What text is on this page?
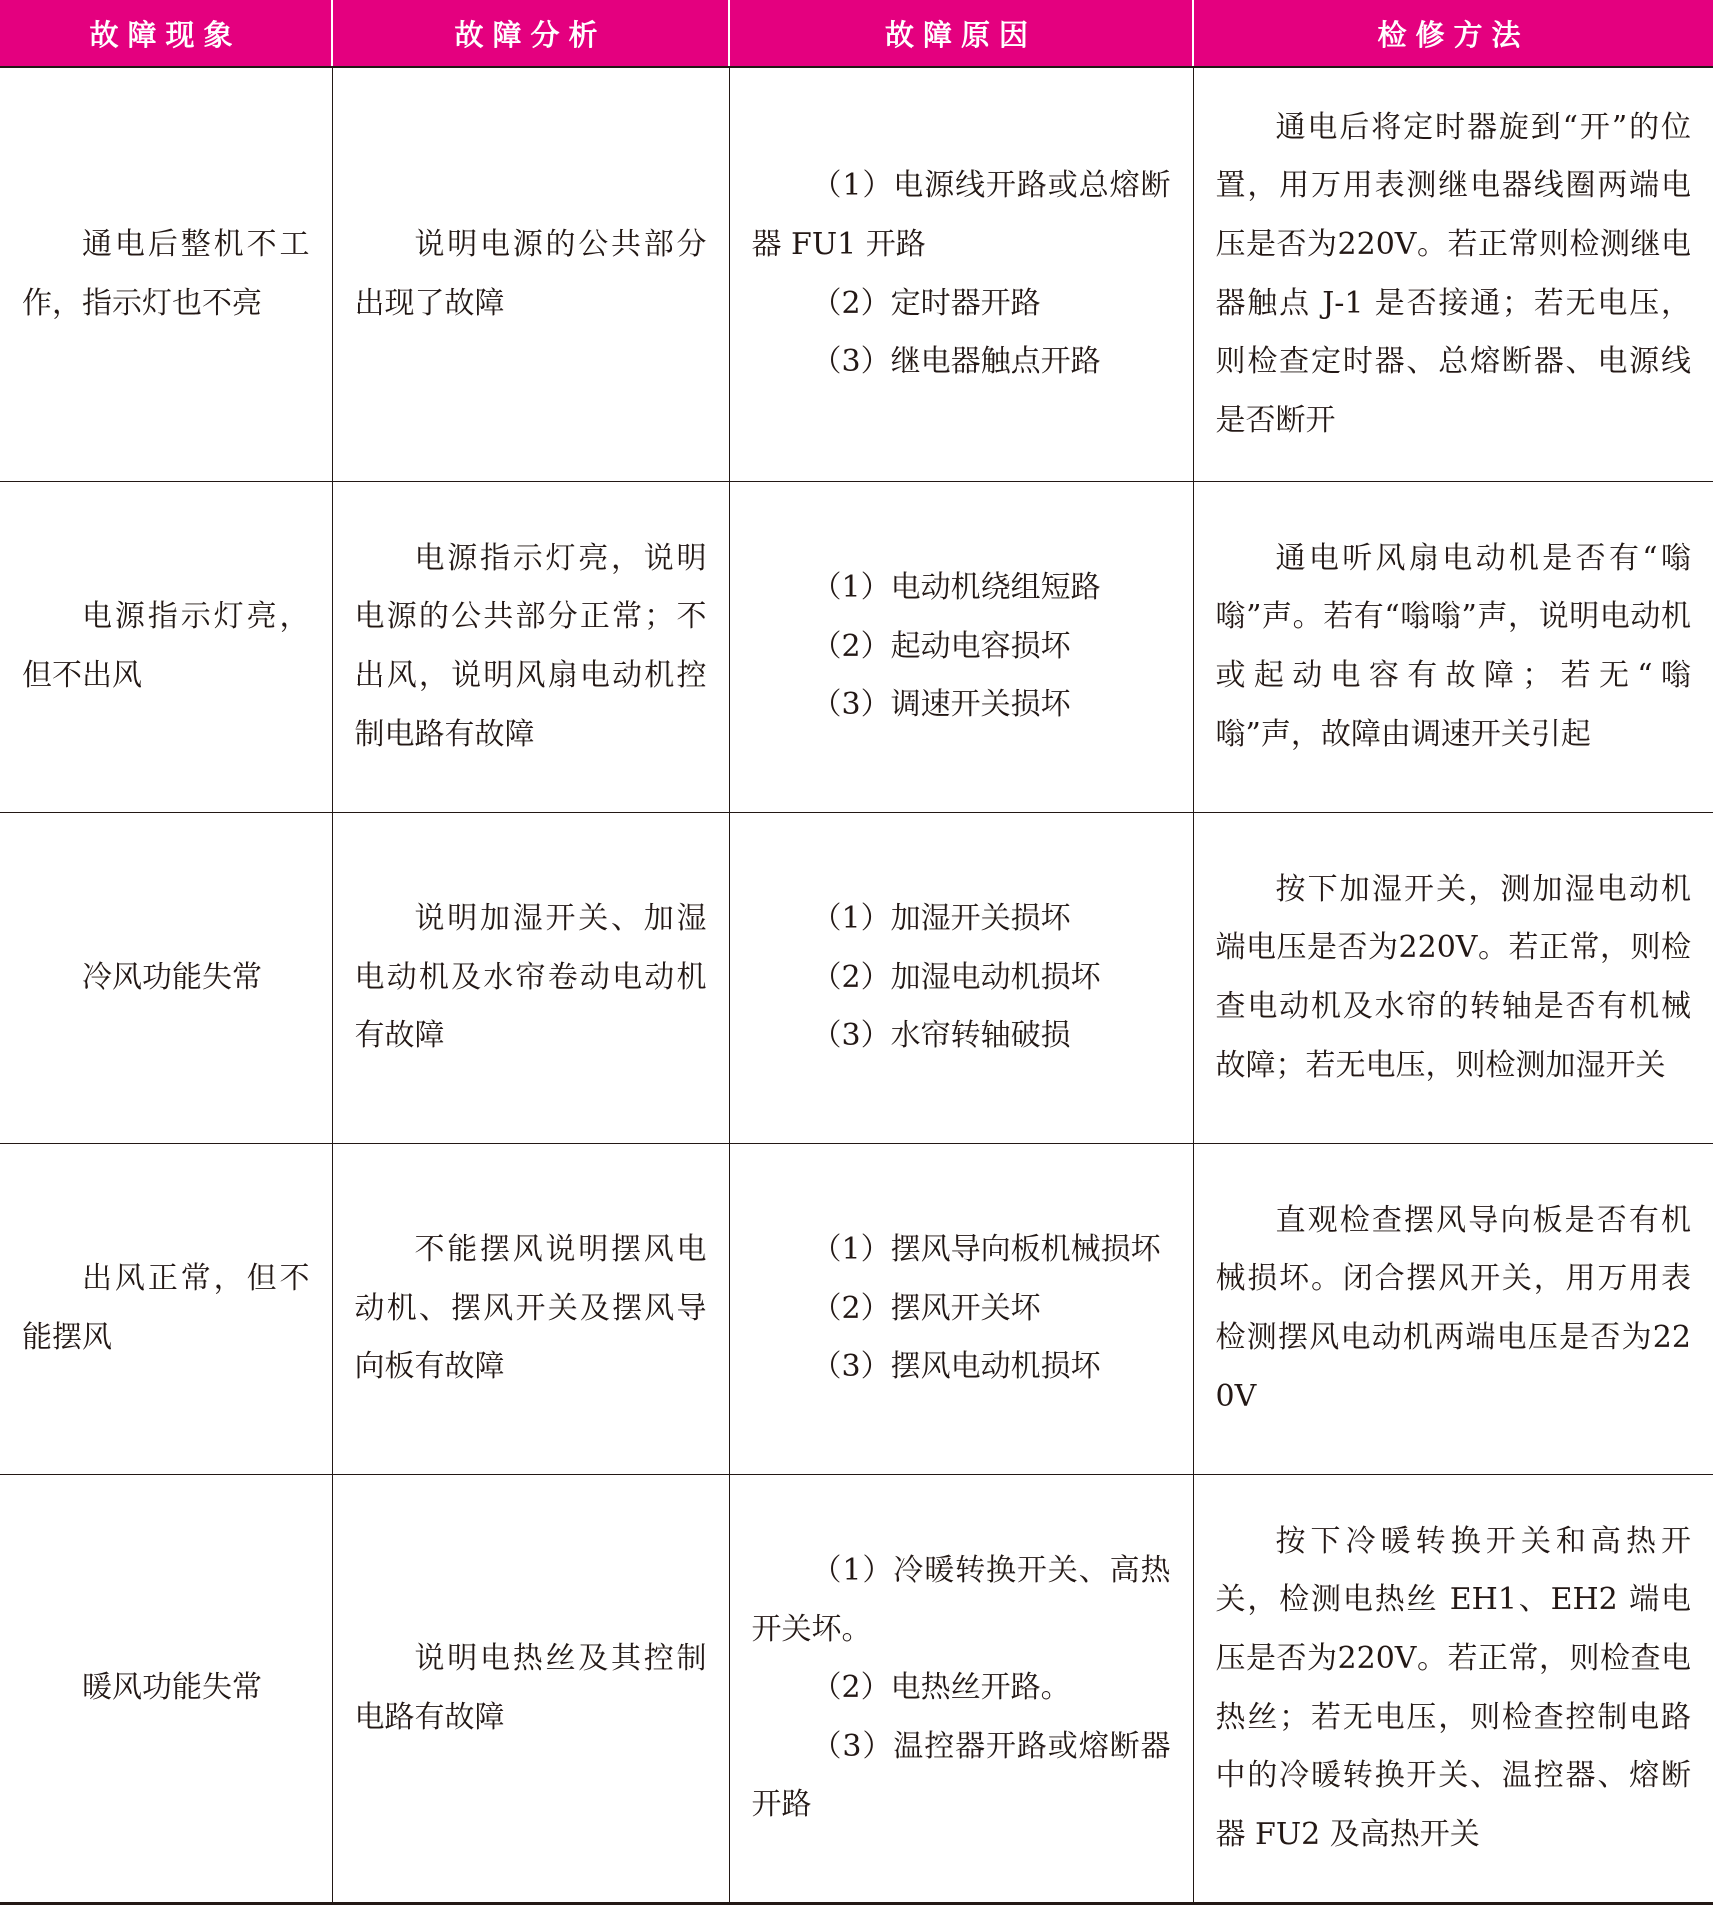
故障现象	故障分析	故障原因	检修方法

通电后整机不工作，指示灯也不亮	说明电源的公共部分出现了故障	（1）电源线开路或总熔断器 FU1 开路
（2）定时器开路
（3）继电器触点开路	通电后将定时器旋到“开”的位置，用万用表测继电器线圈两端电压是否为220V。若正常则检测继电器触点 J-1 是否接通；若无电压，则检查定时器、总熔断器、电源线是否断开

电源指示灯亮，但不出风	电源指示灯亮，说明电源的公共部分正常；不出风，说明风扇电动机控制电路有故障	（1）电动机绕组短路
（2）起动电容损坏
（3）调速开关损坏	通电听风扇电动机是否有“嗡嗡”声。若有“嗡嗡”声，说明电动机或起动电容有故障；若无“嗡嗡”声，故障由调速开关引起

冷风功能失常	说明加湿开关、加湿电动机及水帘卷动电动机有故障	（1）加湿开关损坏
（2）加湿电动机损坏
（3）水帘转轴破损	按下加湿开关，测加湿电动机端电压是否为220V。若正常，则检查电动机及水帘的转轴是否有机械故障；若无电压，则检测加湿开关

出风正常，但不能摆风	不能摆风说明摆风电动机、摆风开关及摆风导向板有故障	（1）摆风导向板机械损坏
（2）摆风开关坏
（3）摆风电动机损坏	直观检查摆风导向板是否有机械损坏。闭合摆风开关，用万用表检测摆风电动机两端电压是否为220V

暖风功能失常	说明电热丝及其控制电路有故障	（1）冷暖转换开关、高热开关坏。
（2）电热丝开路。
（3）温控器开路或熔断器开路	按下冷暖转换开关和高热开关，检测电热丝 EH1、EH2 端电压是否为220V。若正常，则检查电热丝；若无电压，则检查控制电路中的冷暖转换开关、温控器、熔断器 FU2 及高热开关
